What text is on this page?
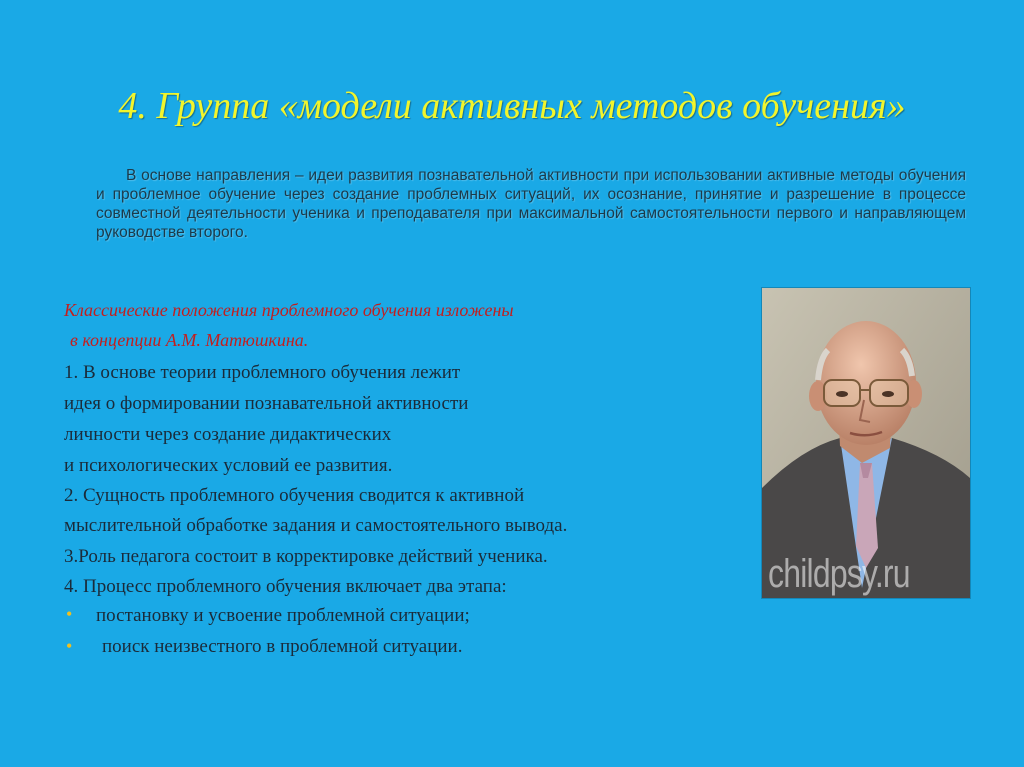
4. Группа «модели активных методов обучения»
В основе направления – идеи развития познавательной активности при использовании активные методы обучения и проблемное обучение через создание проблемных ситуаций, их осознание, принятие и разрешение в процессе совместной деятельности ученика и преподавателя при максимальной самостоятельности первого и направляющем руководстве второго.
Классические положения проблемного обучения изложены
в концепции А.М. Матюшкина.
1. В основе теории проблемного обучения лежит
идея о формировании познавательной активности
личности через создание дидактических
и психологических условий ее развития.
2. Сущность проблемного обучения сводится к активной
мыслительной обработке задания и самостоятельного вывода.
3.Роль педагога состоит в корректировке действий ученика.
4. Процесс проблемного обучения включает два этапа:
• постановку и усвоение проблемной ситуации;
• поиск неизвестного в проблемной ситуации.
childpsy.ru
